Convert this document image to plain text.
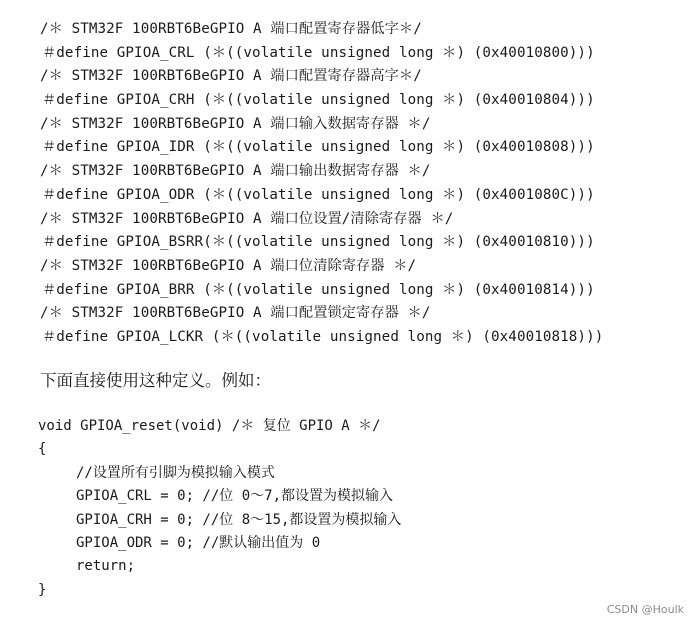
/＊ STM32F 100RBT6BeGPIO A 端口配置寄存器低字＊/
＃define GPIOA_CRL (＊((volatile unsigned long ＊) (0x40010800)))
/＊ STM32F 100RBT6BeGPIO A 端口配置寄存器高字＊/
＃define GPIOA_CRH (＊((volatile unsigned long ＊) (0x40010804)))
/＊ STM32F 100RBT6BeGPIO A 端口输入数据寄存器 ＊/
＃define GPIOA_IDR (＊((volatile unsigned long ＊) (0x40010808)))
/＊ STM32F 100RBT6BeGPIO A 端口输出数据寄存器 ＊/
＃define GPIOA_ODR (＊((volatile unsigned long ＊) (0x4001080C)))
/＊ STM32F 100RBT6BeGPIO A 端口位设置/清除寄存器 ＊/
＃define GPIOA_BSRR(＊((volatile unsigned long ＊) (0x40010810)))
/＊ STM32F 100RBT6BeGPIO A 端口位清除寄存器 ＊/
＃define GPIOA_BRR (＊((volatile unsigned long ＊) (0x40010814)))
/＊ STM32F 100RBT6BeGPIO A 端口配置锁定寄存器 ＊/
＃define GPIOA_LCKR (＊((volatile unsigned long ＊) (0x40010818)))
下面直接使用这种定义。例如：
void GPIOA_reset(void) /＊ 复位 GPIO A ＊/
{
//设置所有引脚为模拟输入模式
GPIOA_CRL = 0; //位 0～7,都设置为模拟输入
GPIOA_CRH = 0; //位 8～15,都设置为模拟输入
GPIOA_ODR = 0; //默认输出值为 0
return;
}
CSDN @Houlk
